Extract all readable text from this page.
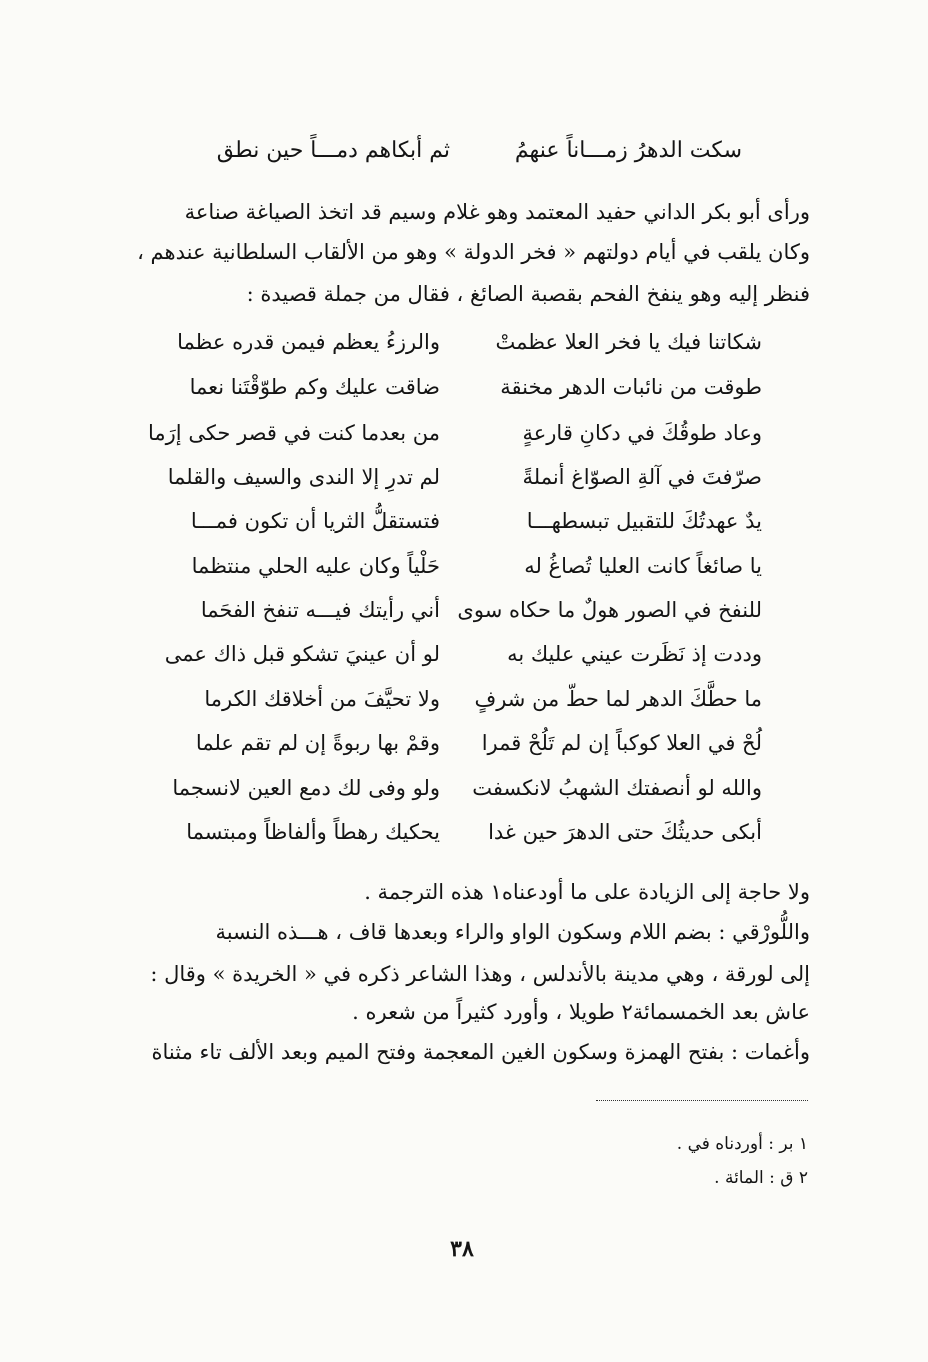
سكت الدهرُ زمـــاناً عنهمُ
ثم أبكاهم دمـــاً حين نطق
ورأى أبو بكر الداني حفيد المعتمد وهو غلام وسيم قد اتخذ الصياغة صناعة
وكان يلقب في أيام دولتهم « فخر الدولة » وهو من الألقاب السلطانية عندهم ،
فنظر إليه وهو ينفخ الفحم بقصبة الصائغ ، فقال من جملة قصيدة :
شكاتنا فيك يا فخر العلا عظمتْ
طوقت من نائبات الدهر مخنقة
وعاد طوقُكَ في دكانِ قارعةٍ
صرّفتَ في آلةِ الصوّاغ أنملةً
يدٌ عهدتُكَ للتقبيل تبسطهـــا
يا صائغاً كانت العليا تُصاغُ له
للنفخ في الصور هولٌ ما حكاه سوى
وددت إذ نَظَرت عيني عليك به
ما حطَّكَ الدهر لما حطّ من شرفٍ
لُحْ في العلا كوكباً إن لم تَلُحْ قمرا
والله لو أنصفتك الشهبُ لانكسفت
أبكى حديثُكَ حتى الدهرَ حين غدا
والرزءُ يعظم فيمن قدره عظما
ضاقت عليك وكم طوّقْتَنا نعما
من بعدما كنت في قصر حكى إرَما
لم تدرِ إلا الندى والسيف والقلما
فتستقلُّ الثريا أن تكون فمـــا
حَلْياً وكان عليه الحلي منتظما
أني رأيتك فيـــه تنفخ الفحَما
لو أن عينيَ تشكو قبل ذاك عمى
ولا تحيَّفَ من أخلاقك الكرما
وقمْ بها ربوةً إن لم تقم علما
ولو وفى لك دمع العين لانسجما
يحكيك رهطاً وألفاظاً ومبتسما
ولا حاجة إلى الزيادة على ما أودعناه١ هذه الترجمة .
واللُّورْقي : بضم اللام وسكون الواو والراء وبعدها قاف ، هـــذه النسبة
إلى لورقة ، وهي مدينة بالأندلس ، وهذا الشاعر ذكره في « الخريدة » وقال :
عاش بعد الخمسمائة٢ طويلا ، وأورد كثيراً من شعره .
وأغمات : بفتح الهمزة وسكون الغين المعجمة وفتح الميم وبعد الألف تاء مثناة
١ بر : أوردناه في .
٢ ق : المائة .
٣٨
